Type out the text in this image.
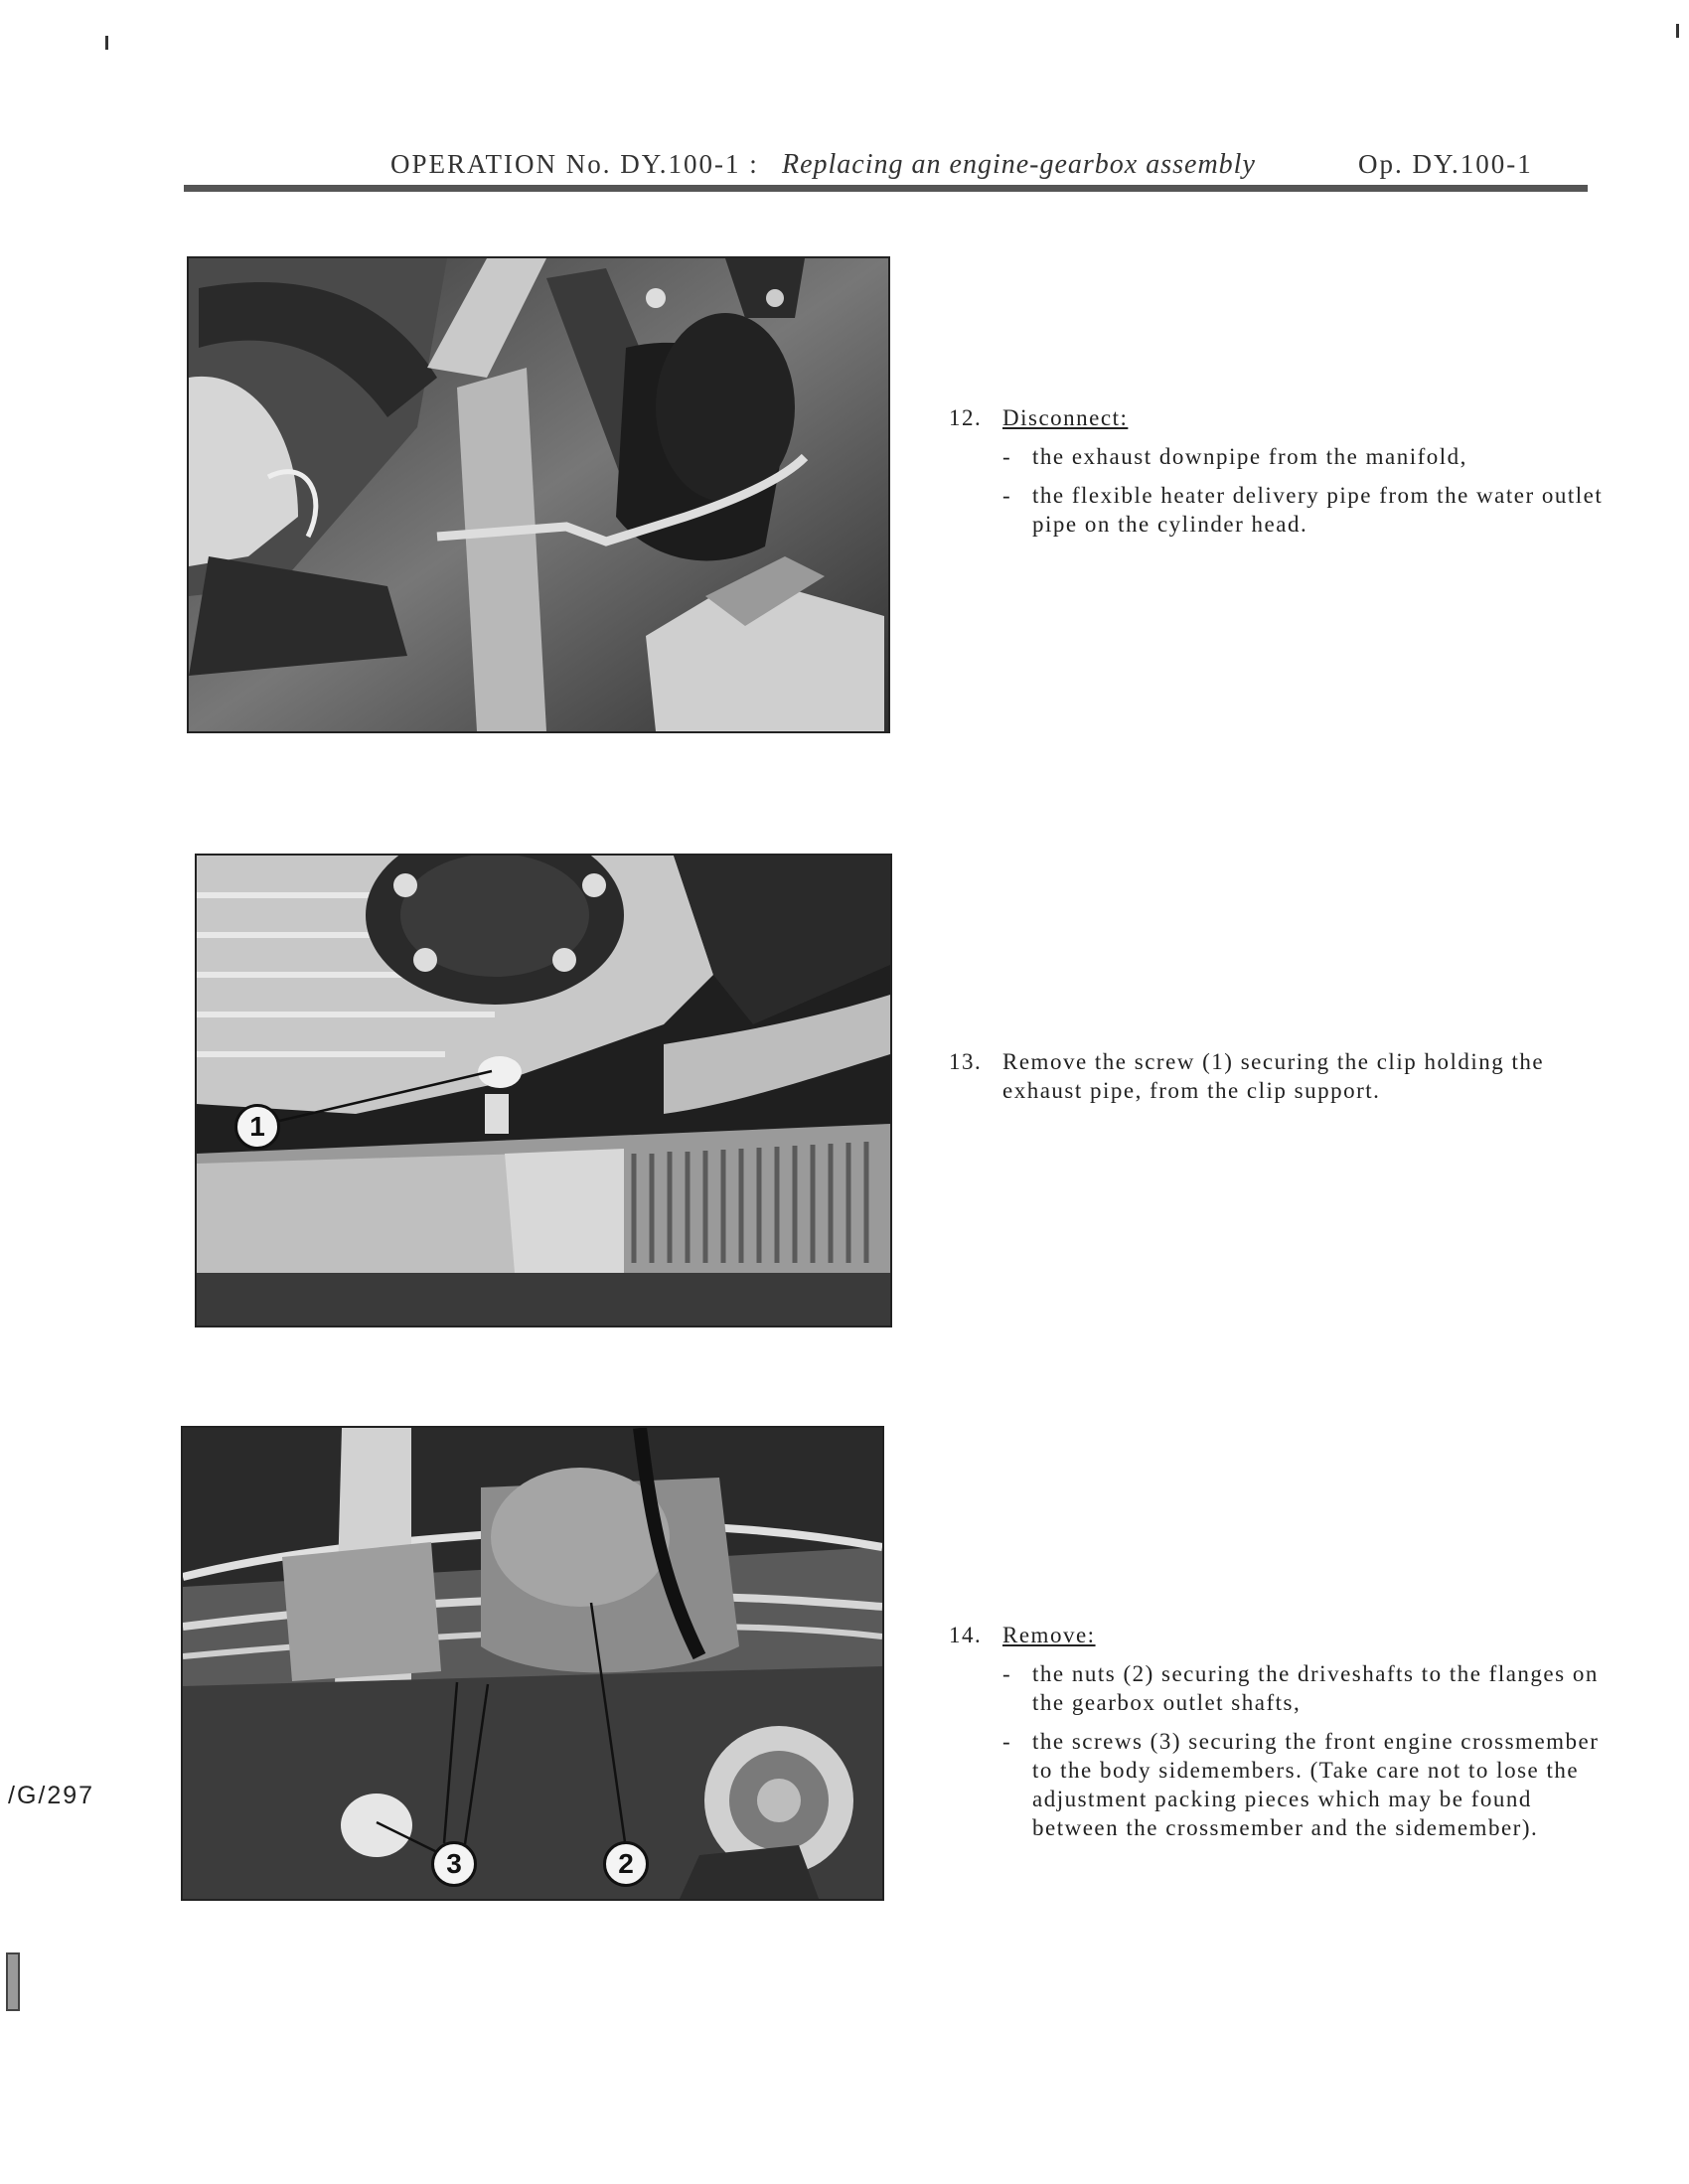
OPERATION No. DY.100-1 : Replacing an engine-gearbox assembly	Op. DY.100-1
12. Disconnect:
- the exhaust downpipe from the manifold,
- the flexible heater delivery pipe from the water outlet pipe on the cylinder head.
1
13. Remove the screw (1) securing the clip holding the exhaust pipe, from the clip support.
3	2
14. Remove:
- the nuts (2) securing the driveshafts to the flanges on the gearbox outlet shafts,
- the screws (3) securing the front engine crossmember to the body sidemembers. (Take care not to lose the adjustment packing pieces which may be found between the crossmember and the sidemember).
/G/297
